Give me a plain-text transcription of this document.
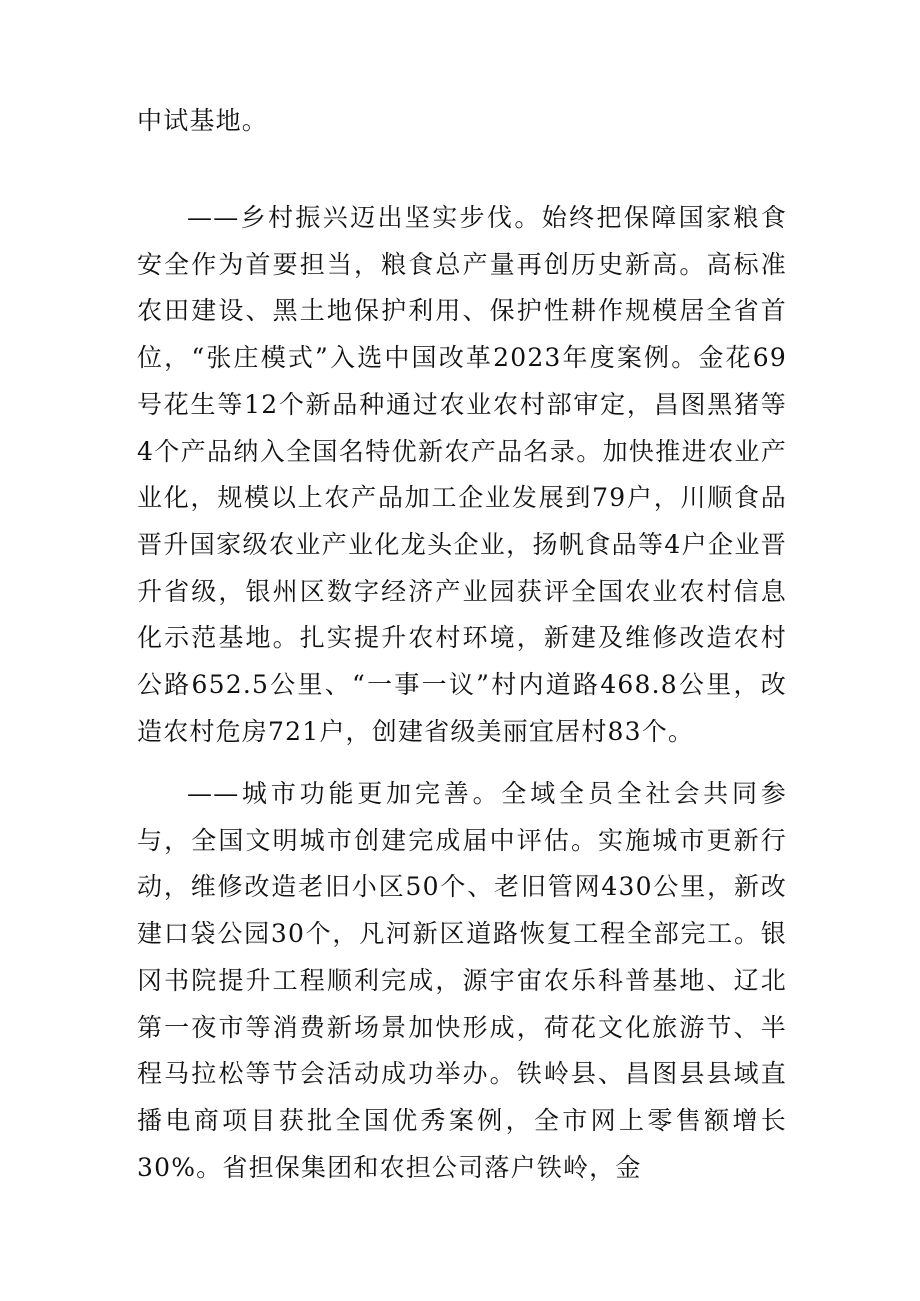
中试基地。

——乡村振兴迈出坚实步伐。始终把保障国家粮食安全作为首要担当，粮食总产量再创历史新高。高标准农田建设、黑土地保护利用、保护性耕作规模居全省首位，“张庄模式”入选中国改革2023年度案例。金花69号花生等12个新品种通过农业农村部审定，昌图黑猪等4个产品纳入全国名特优新农产品名录。加快推进农业产业化，规模以上农产品加工企业发展到79户，川顺食品晋升国家级农业产业化龙头企业，扬帆食品等4户企业晋升省级，银州区数字经济产业园获评全国农业农村信息化示范基地。扎实提升农村环境，新建及维修改造农村公路652.5公里、“一事一议”村内道路468.8公里，改造农村危房721户，创建省级美丽宜居村83个。

——城市功能更加完善。全域全员全社会共同参与，全国文明城市创建完成届中评估。实施城市更新行动，维修改造老旧小区50个、老旧管网430公里，新改建口袋公园30个，凡河新区道路恢复工程全部完工。银冈书院提升工程顺利完成，源宇宙农乐科普基地、辽北第一夜市等消费新场景加快形成，荷花文化旅游节、半程马拉松等节会活动成功举办。铁岭县、昌图县县域直播电商项目获批全国优秀案例，全市网上零售额增长30%。省担保集团和农担公司落户铁岭，金
